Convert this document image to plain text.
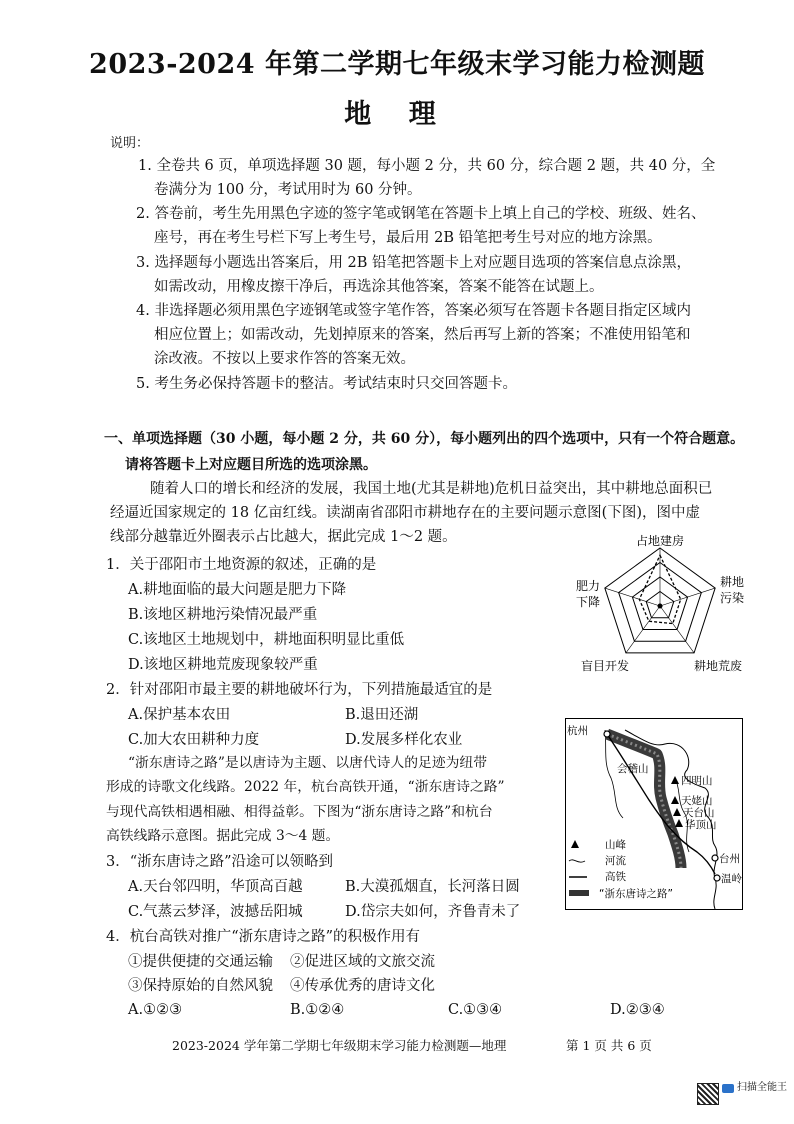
2023-2024 年第二学期七年级末学习能力检测题
地 理
说明：
1. 全卷共 6 页，单项选择题 30 题，每小题 2 分，共 60 分，综合题 2 题，共 40 分，全
卷满分为 100 分，考试用时为 60 分钟。
2. 答卷前，考生先用黑色字迹的签字笔或钢笔在答题卡上填上自己的学校、班级、姓名、
座号，再在考生号栏下写上考生号，最后用 2B 铅笔把考生号对应的地方涂黑。
3. 选择题每小题选出答案后，用 2B 铅笔把答题卡上对应题目选项的答案信息点涂黑，
如需改动，用橡皮擦干净后，再选涂其他答案，答案不能答在试题上。
4. 非选择题必须用黑色字迹钢笔或签字笔作答，答案必须写在答题卡各题目指定区域内
相应位置上；如需改动，先划掉原来的答案，然后再写上新的答案；不准使用铅笔和
涂改液。不按以上要求作答的答案无效。
5. 考生务必保持答题卡的整洁。考试结束时只交回答题卡。
一、单项选择题（30 小题，每小题 2 分，共 60 分），每小题列出的四个选项中，只有一个符合题意。
请将答题卡上对应题目所选的选项涂黑。
随着人口的增长和经济的发展，我国土地(尤其是耕地)危机日益突出，其中耕地总面积已
经逼近国家规定的 18 亿亩红线。读湖南省邵阳市耕地存在的主要问题示意图(下图)，图中虚
线部分越靠近外圈表示占比越大，据此完成 1～2 题。
1．关于邵阳市土地资源的叙述，正确的是
A.耕地面临的最大问题是肥力下降
B.该地区耕地污染情况最严重
C.该地区土地规划中，耕地面积明显比重低
D.该地区耕地荒废现象较严重
2．针对邵阳市最主要的耕地破坏行为，下列措施最适宜的是
A.保护基本农田	B.退田还湖
C.加大农田耕种力度	D.发展多样化农业
“浙东唐诗之路”是以唐诗为主题、以唐代诗人的足迹为纽带
形成的诗歌文化线路。2022 年，杭台高铁开通，“浙东唐诗之路”
与现代高铁相遇相融、相得益彰。下图为“浙东唐诗之路”和杭台
高铁线路示意图。据此完成 3～4 题。
3．“浙东唐诗之路”沿途可以领略到
A.天台邻四明，华顶高百越	B.大漠孤烟直，长河落日圆
C.气蒸云梦泽，波撼岳阳城	D.岱宗夫如何，齐鲁青未了
4．杭台高铁对推广“浙东唐诗之路”的积极作用有
①提供便捷的交通运输 ②促进区域的文旅交流
③保持原始的自然风貌 ④传承优秀的唐诗文化
A.①②③	B.①②④	C.①③④	D.②③④
占地建房
耕地
污染
耕地荒废
盲目开发
肥力
下降
杭州
会稽山
四明山
天姥山
天台山
华顶山
台州
温岭
山峰
河流
高铁
“浙东唐诗之路”
2023-2024 学年第二学期七年级期末学习能力检测题—地理	第 1 页 共 6 页
扫描全能王
